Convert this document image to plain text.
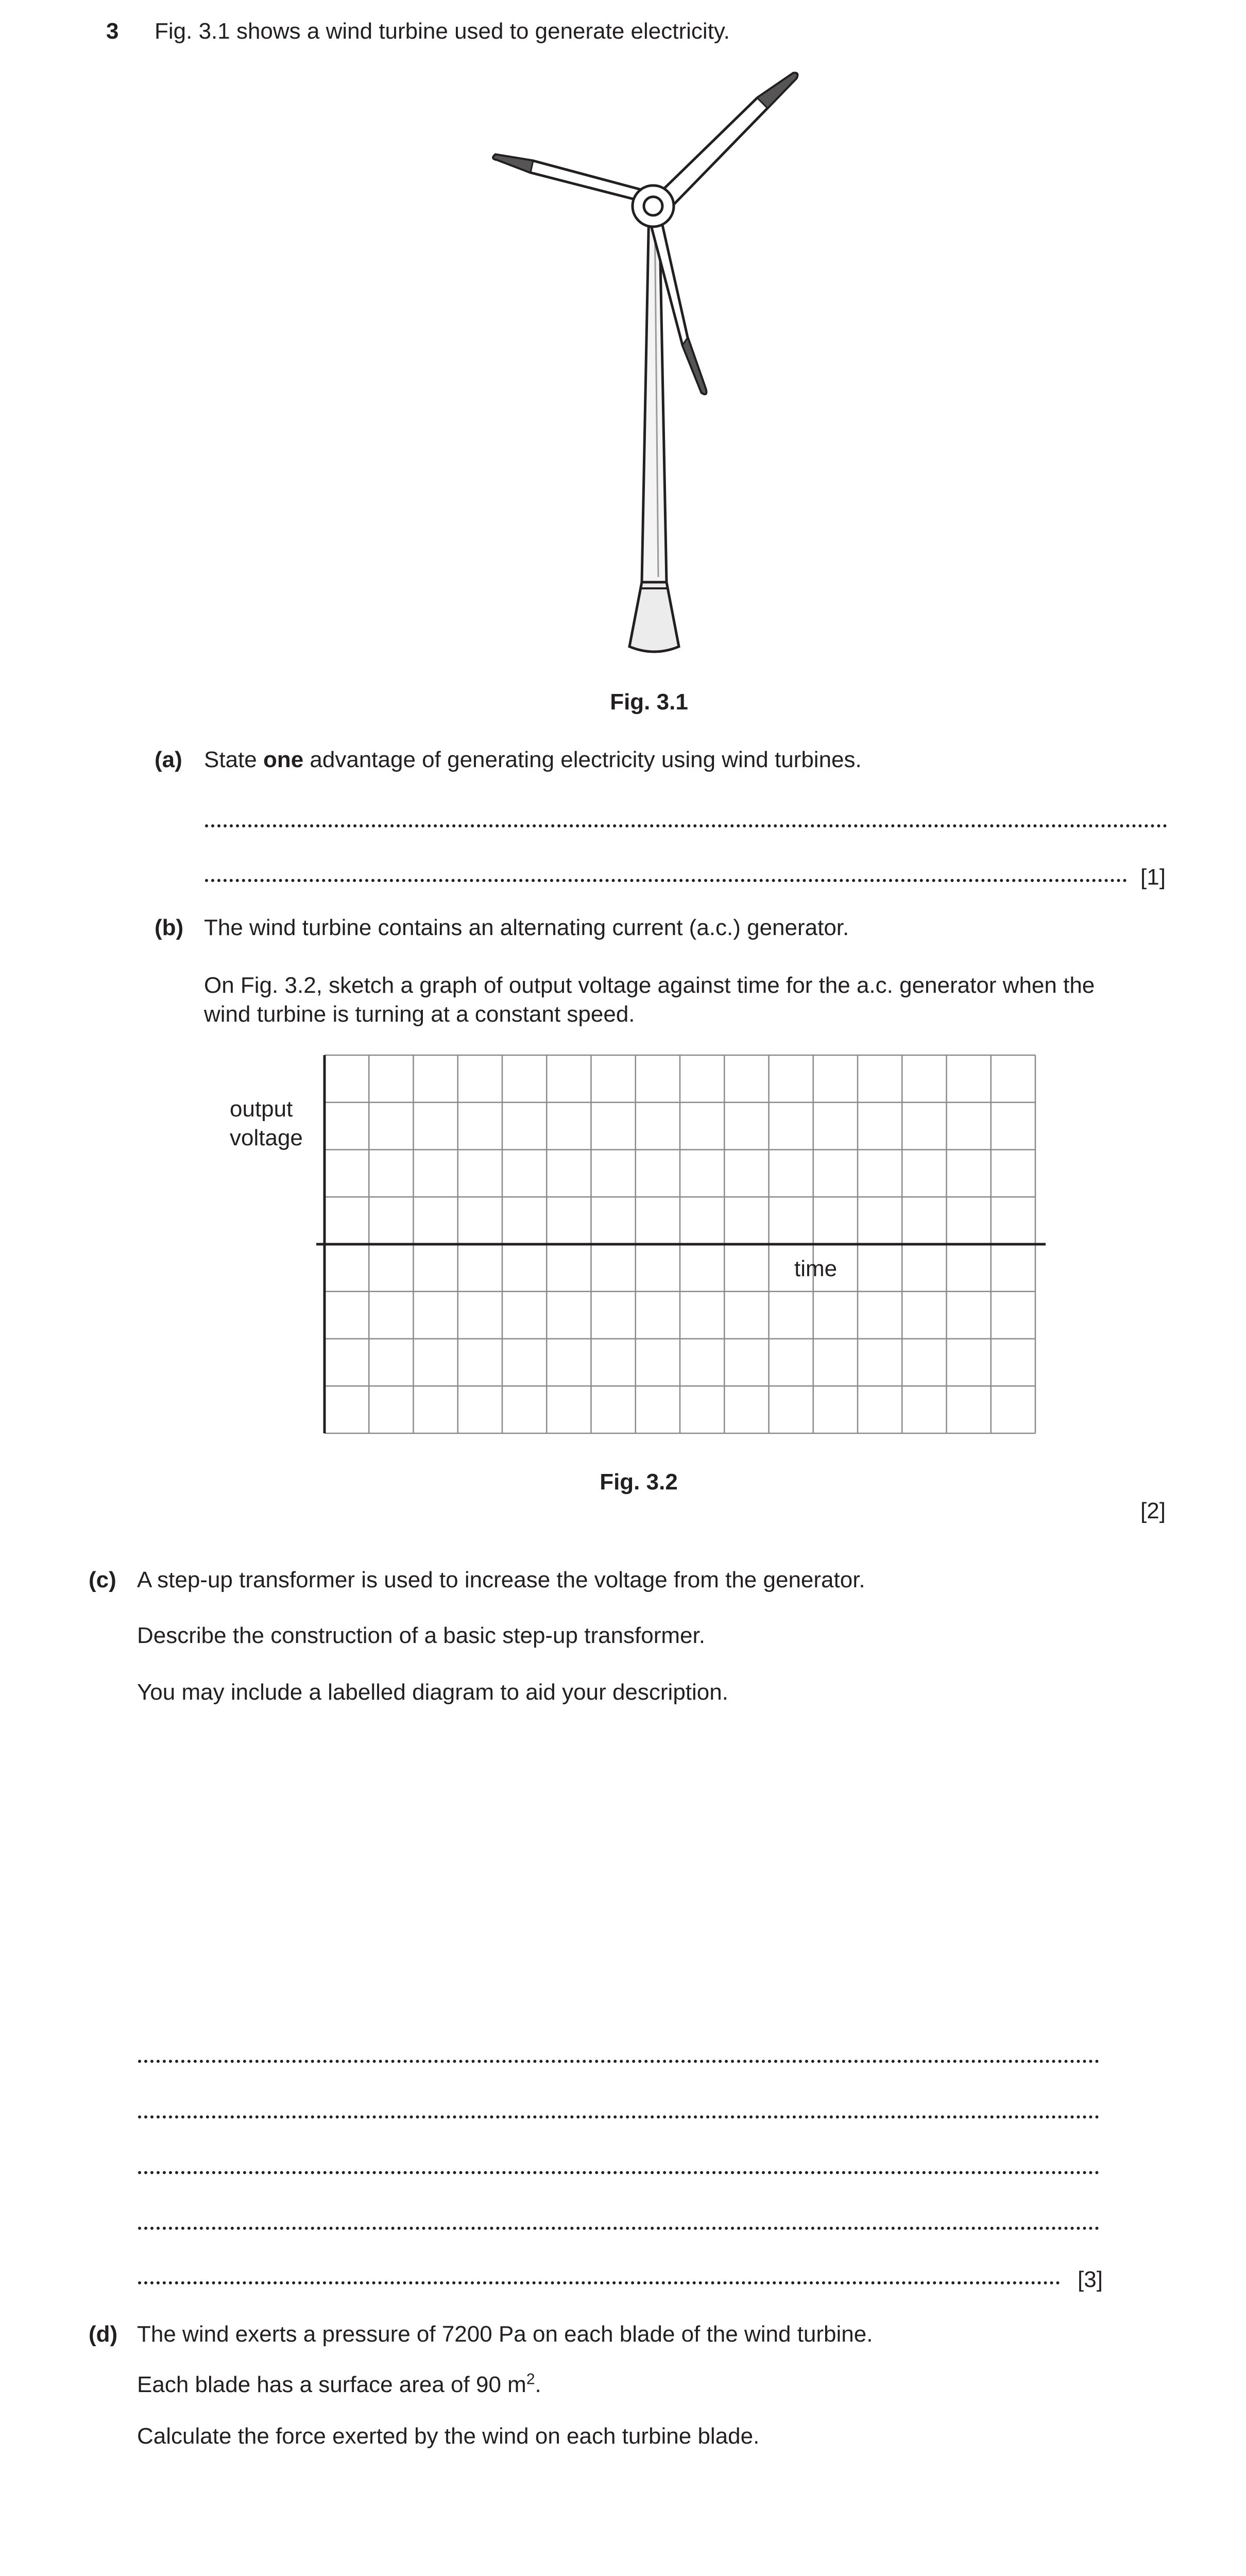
3 Fig. 3.1 shows a wind turbine used to generate electricity.
Fig. 3.1
(a) State one advantage of generating electricity using wind turbines.
[1]
(b) The wind turbine contains an alternating current (a.c.) generator.
On Fig. 3.2, sketch a graph of output voltage against time for the a.c. generator when the
wind turbine is turning at a constant speed.
output
voltage
time
Fig. 3.2
[2]
(c) A step-up transformer is used to increase the voltage from the generator.
Describe the construction of a basic step-up transformer.
You may include a labelled diagram to aid your description.
[3]
(d) The wind exerts a pressure of 7200 Pa on each blade of the wind turbine.
Each blade has a surface area of 90 $m^2$.
Calculate the force exerted by the wind on each turbine blade.
